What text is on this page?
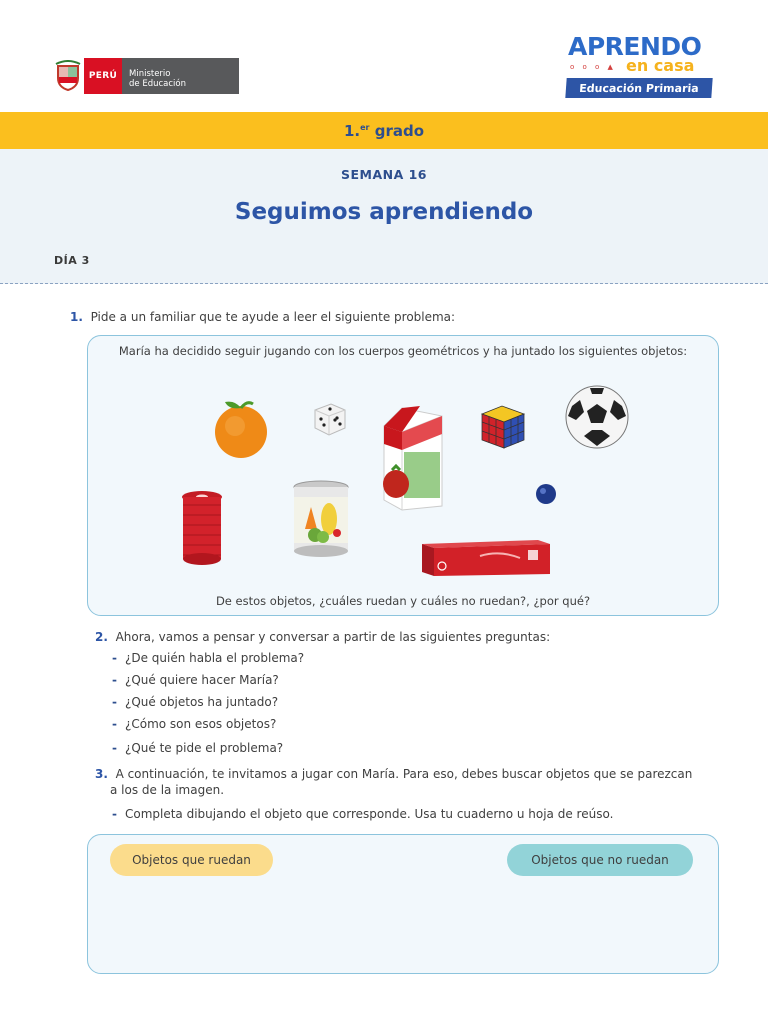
PERÚ	Ministerio
de Educación
APRENDO
o o o ▲ en casa
Educación Primaria
1.$^{er}$ grado
SEMANA 16
Seguimos aprendiendo
DÍA 3
1. Pide a un familiar que te ayude a leer el siguiente problema:
María ha decidido seguir jugando con los cuerpos geométricos y ha juntado los siguientes objetos:
De estos objetos, ¿cuáles ruedan y cuáles no ruedan?, ¿por qué?
2. Ahora, vamos a pensar y conversar a partir de las siguientes preguntas:
- ¿De quién habla el problema?
- ¿Qué quiere hacer María?
- ¿Qué objetos ha juntado?
- ¿Cómo son esos objetos?
- ¿Qué te pide el problema?
3. A continuación, te invitamos a jugar con María. Para eso, debes buscar objetos que se parezcan
a los de la imagen.
- Completa dibujando el objeto que corresponde. Usa tu cuaderno u hoja de reúso.
Objetos que ruedan	Objetos que no ruedan
